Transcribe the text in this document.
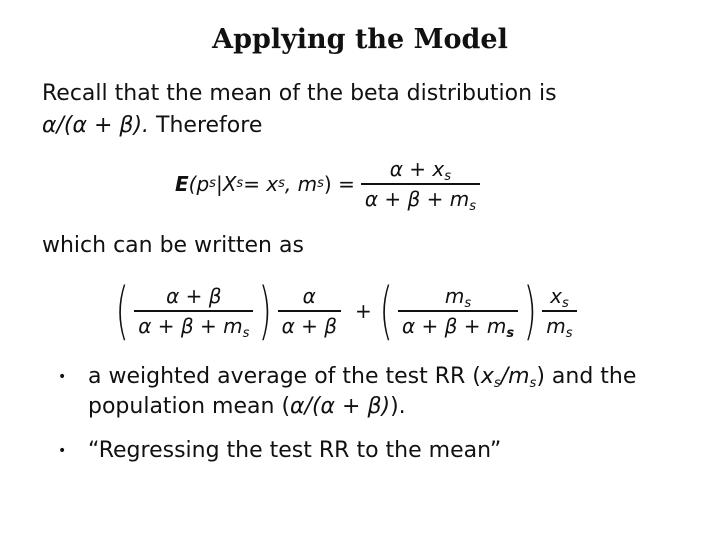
Applying the Model
Recall that the mean of the beta distribution is
α/(α + β). Therefore
E (p s |X s = x s , m s ) = $\frac{\alpha + x_s}{\alpha + \beta + m_s}$
which can be written as
( $\frac{\alpha + \beta}{\alpha + \beta + m_s}$ ) $\frac{\alpha}{\alpha + \beta}$ + ( $\frac{m_s}{\alpha + \beta + m_s}$ ) $\frac{x_s}{m_s}$
• a weighted average of the test RR $(x_s/m_s)$ and the
population mean (α/(α + β)).
• “Regressing the test RR to the mean”
